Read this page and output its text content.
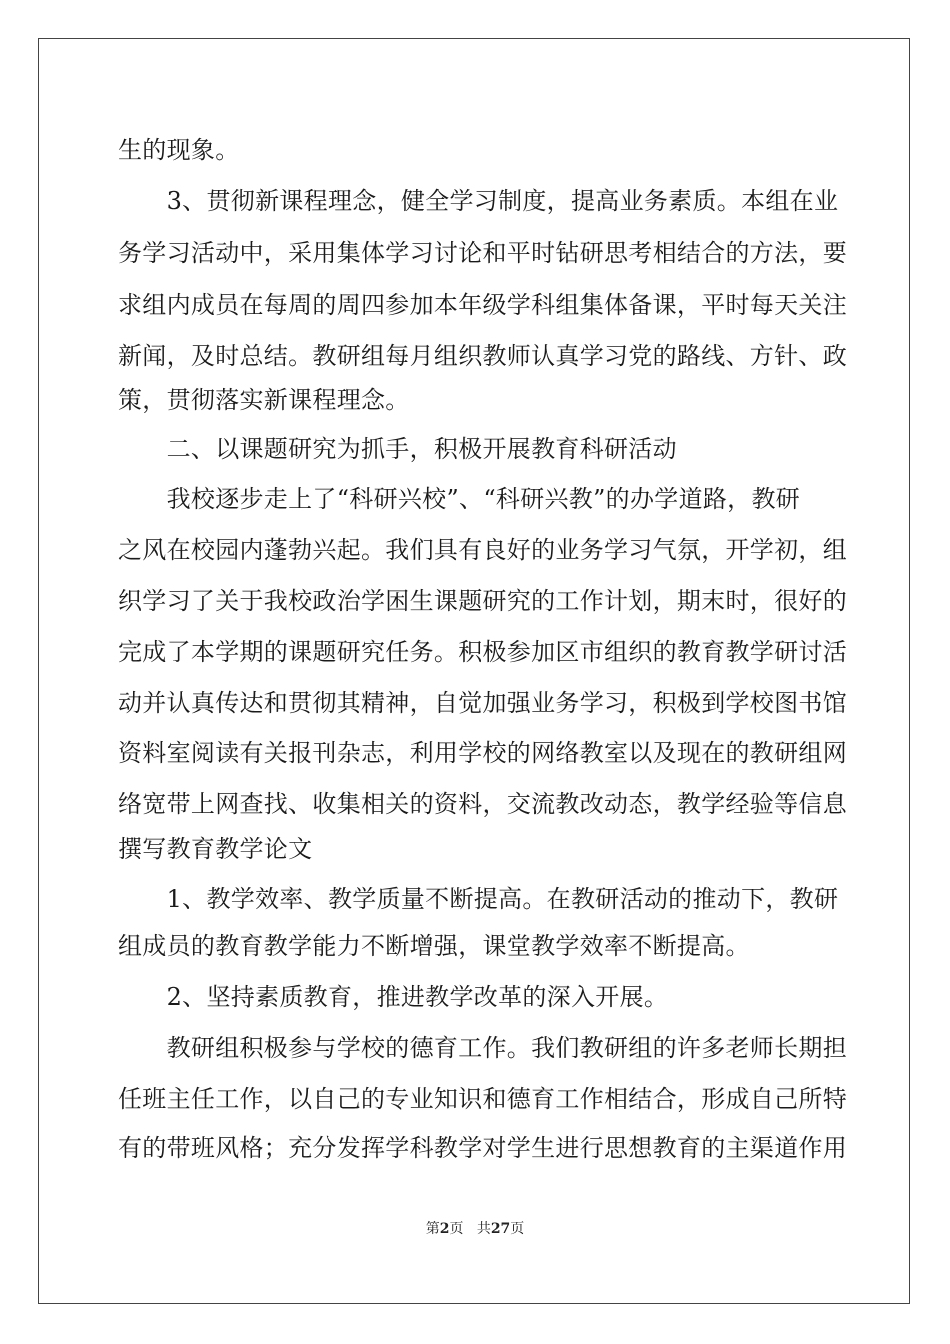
生的现象。
　　3、贯彻新课程理念，健全学习制度，提高业务素质。本组在业
务学习活动中，采用集体学习讨论和平时钻研思考相结合的方法，要
求组内成员在每周的周四参加本年级学科组集体备课，平时每天关注
新闻，及时总结。教研组每月组织教师认真学习党的路线、方针、政
策，贯彻落实新课程理念。
　　二、以课题研究为抓手，积极开展教育科研活动
　　我校逐步走上了“科研兴校”、“科研兴教”的办学道路，教研
之风在校园内蓬勃兴起。我们具有良好的业务学习气氛，开学初，组
织学习了关于我校政治学困生课题研究的工作计划，期末时，很好的
完成了本学期的课题研究任务。积极参加区市组织的教育教学研讨活
动并认真传达和贯彻其精神，自觉加强业务学习，积极到学校图书馆
资料室阅读有关报刊杂志，利用学校的网络教室以及现在的教研组网
络宽带上网查找、收集相关的资料，交流教改动态，教学经验等信息
撰写教育教学论文
　　1、教学效率、教学质量不断提高。在教研活动的推动下，教研
组成员的教育教学能力不断增强，课堂教学效率不断提高。
　　2、坚持素质教育，推进教学改革的深入开展。
　　教研组积极参与学校的德育工作。我们教研组的许多老师长期担
任班主任工作，以自己的专业知识和德育工作相结合，形成自己所特
有的带班风格；充分发挥学科教学对学生进行思想教育的主渠道作用
第2页 共27页
